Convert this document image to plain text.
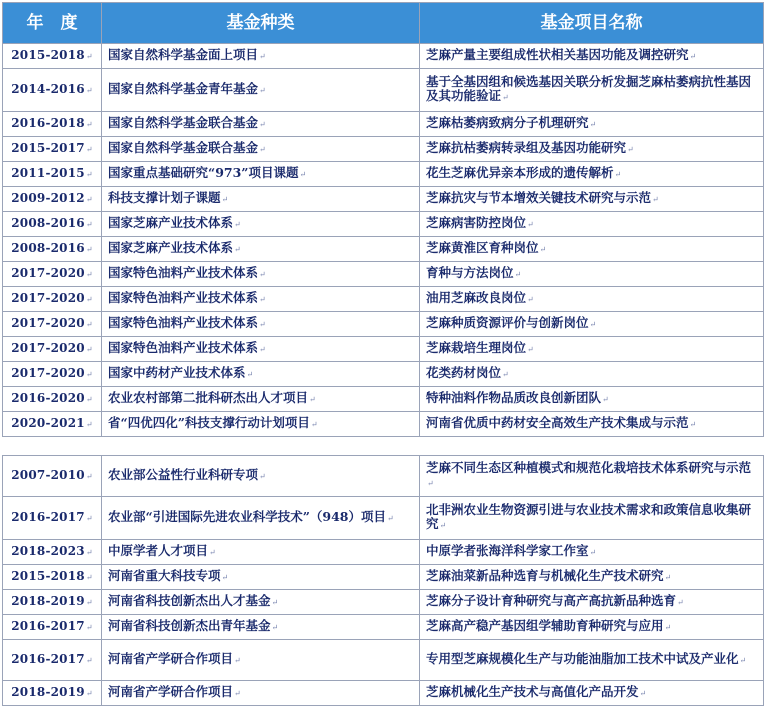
年　度	基金种类	基金项目名称
2015-2018↵	国家自然科学基金面上项目↵	芝麻产量主要组成性状相关基因功能及调控研究↵
2014-2016↵	国家自然科学基金青年基金↵	基于全基因组和候选基因关联分析发掘芝麻枯萎病抗性基因及其功能验证↵
2016-2018↵	国家自然科学基金联合基金↵	芝麻枯萎病致病分子机理研究↵
2015-2017↵	国家自然科学基金联合基金↵	芝麻抗枯萎病转录组及基因功能研究↵
2011-2015↵	国家重点基础研究“973”项目课题↵	花生芝麻优异亲本形成的遗传解析↵
2009-2012↵	科技支撑计划子课题↵	芝麻抗灾与节本增效关键技术研究与示范↵
2008-2016↵	国家芝麻产业技术体系↵	芝麻病害防控岗位↵
2008-2016↵	国家芝麻产业技术体系↵	芝麻黄淮区育种岗位↵
2017-2020↵	国家特色油料产业技术体系↵	育种与方法岗位↵
2017-2020↵	国家特色油料产业技术体系↵	油用芝麻改良岗位↵
2017-2020↵	国家特色油料产业技术体系↵	芝麻种质资源评价与创新岗位↵
2017-2020↵	国家特色油料产业技术体系↵	芝麻栽培生理岗位↵
2017-2020↵	国家中药材产业技术体系↵	花类药材岗位↵
2016-2020↵	农业农村部第二批科研杰出人才项目↵	特种油料作物品质改良创新团队↵
2020-2021↵	省“四优四化”科技支撑行动计划项目↵	河南省优质中药材安全高效生产技术集成与示范↵
2007-2010↵	农业部公益性行业科研专项↵	芝麻不同生态区种植模式和规范化栽培技术体系研究与示范↵
2016-2017↵	农业部“引进国际先进农业科学技术”（948）项目↵	北非洲农业生物资源引进与农业技术需求和政策信息收集研究↵
2018-2023↵	中原学者人才项目↵	中原学者张海洋科学家工作室↵
2015-2018↵	河南省重大科技专项↵	芝麻油菜新品种选育与机械化生产技术研究↵
2018-2019↵	河南省科技创新杰出人才基金↵	芝麻分子设计育种研究与高产高抗新品种选育↵
2016-2017↵	河南省科技创新杰出青年基金↵	芝麻高产稳产基因组学辅助育种研究与应用↵
2016-2017↵	河南省产学研合作项目↵	专用型芝麻规模化生产与功能油脂加工技术中试及产业化↵
2018-2019↵	河南省产学研合作项目↵	芝麻机械化生产技术与高值化产品开发↵
